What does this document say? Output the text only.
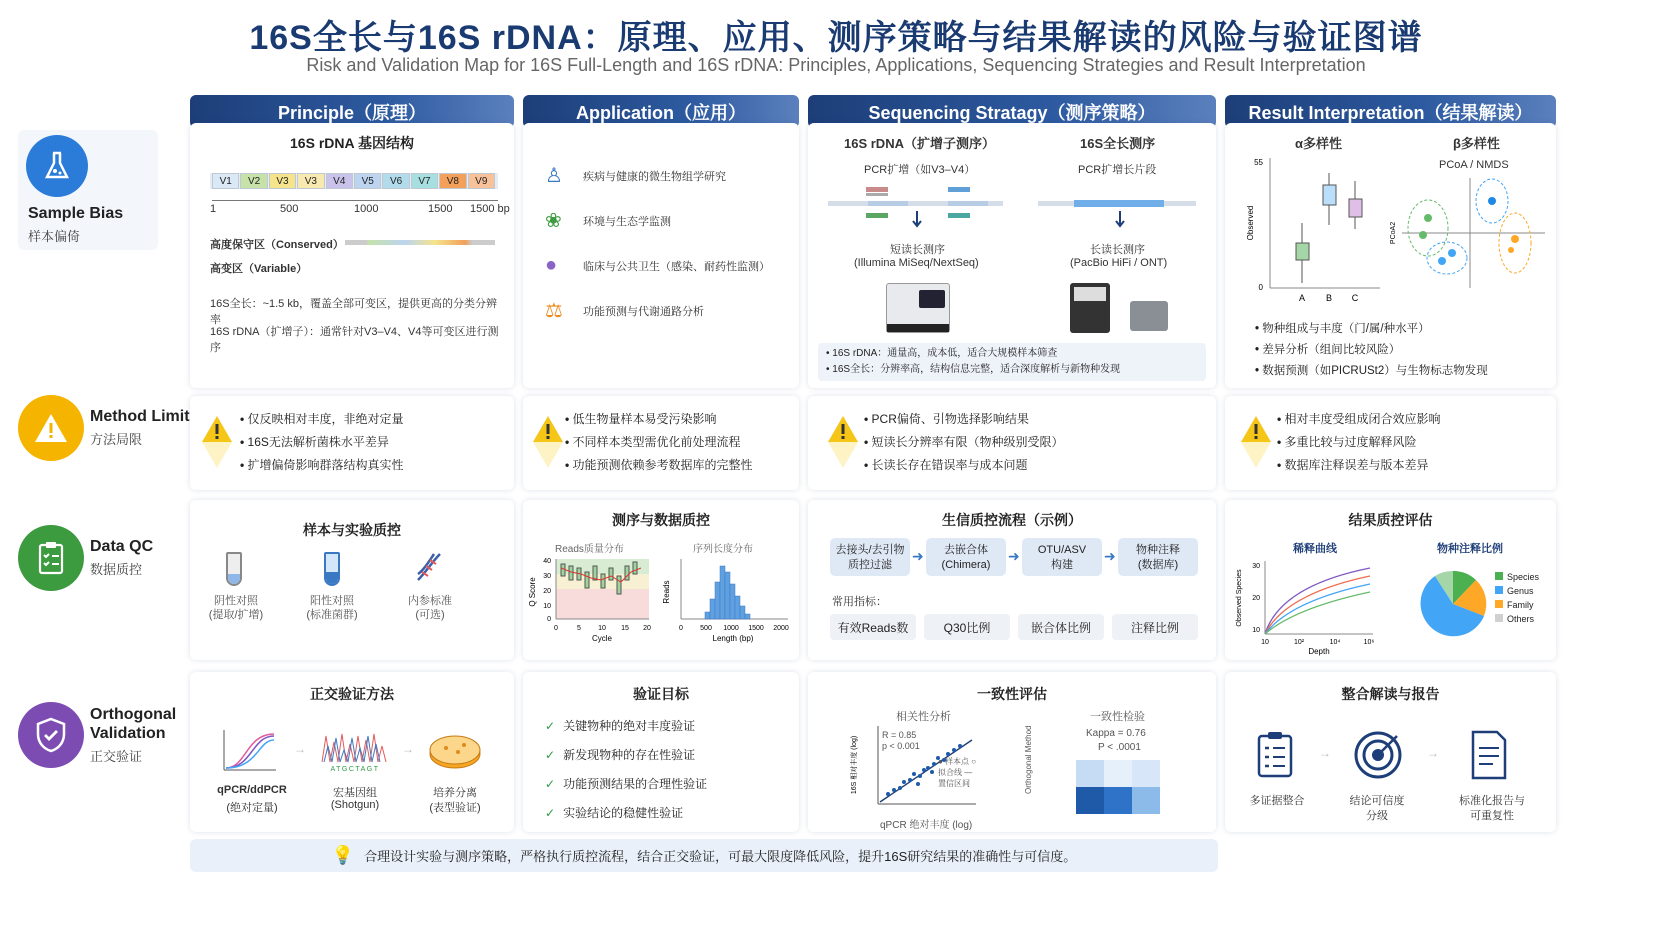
16S全长与16S rDNA：原理、应用、测序策略与结果解读的风险与验证图谱
Risk and Validation Map for 16S Full-Length and 16S rDNA: Principles, Applications, Sequencing Strategies and Result Interpretation
Principle（原理）	Application（应用）	Sequencing Stratagy（测序策略）	Result Interpretation（结果解读）
Sample Bias
样本偏倚
Method Limit
方法局限
Data QC
数据质控
Orthogonal Validation
正交验证
16S rDNA 基因结构
1	500	1000	1500 1500 bp
高度保守区（Conserved）
高变区（Variable）
16S全长：~1.5 kb，覆盖全部可变区，提供更高的分类分辨率
16S rDNA（扩增子）：通常针对V3–V4、V4等可变区进行测序
V1	V2	V3	V3	V4	V5	V6	V7	V8	V9	♙	疾病与健康的微生物组学研究
❀	环境与生态学监测
●	临床与公共卫生（感染、耐药性监测）
⚖	功能预测与代谢通路分析
16S rDNA（扩增子测序）
PCR扩增（如V3–V4）
短读长测序
(Illumina MiSeq/NextSeq)
16S全长测序
PCR扩增长片段
长读长测序
(PacBio HiFi / ONT)
• 16S rDNA：通量高，成本低，适合大规模样本筛查
• 16S全长：分辨率高，结构信息完整，适合深度解析与新物种发现
α多样性	β多样性
PCoA / NMDS
55
0
Observed
A B C
PCoA2
• 物种组成与丰度（门/属/种水平）
• 差异分析（组间比较风险）
• 数据预测（如PICRUSt2）与生物标志物发现
• 仅反映相对丰度，非绝对定量
• 16S无法解析菌株水平差异
• 扩增偏倚影响群落结构真实性
• 低生物量样本易受污染影响
• 不同样本类型需优化前处理流程
• 功能预测依赖参考数据库的完整性
• PCR偏倚、引物选择影响结果
• 短读长分辨率有限（物种级别受限）
• 长读长存在错误率与成本问题
• 相对丰度受组成闭合效应影响
• 多重比较与过度解释风险
• 数据库注释误差与版本差异
样本与实验质控
阴性对照
(提取/扩增)
阳性对照
(标准菌群)
内参标准
(可选)
测序与数据质控
Reads质量分布
Q Score
40
30
20
10
0
0	5 10 15 20
Cycle
序列长度分布
Reads
0 500 1000 1500 2000
Length (bp)
生信质控流程（示例）
去接头/去引物
质控过滤
➜	去嵌合体
(Chimera)
➜	OTU/ASV
构建
➜	物种注释
(数据库)
常用指标：
有效Reads数	Q30比例	嵌合体比例	注释比例
结果质控评估
稀释曲线
Observed Species
30
20
10
10	10²	10⁴	10⁶
Depth
物种注释比例
Species
Genus
Family
Others
正交验证方法
qPCR/ddPCR
(绝对定量)
→
ATGCTAGT
宏基因组
(Shotgun)
→
培养分离
(表型验证)
验证目标
✓ 关键物种的绝对丰度验证
✓ 新发现物种的存在性验证
✓ 功能预测结果的合理性验证
✓ 实验结论的稳健性验证
一致性评估
相关性分析
16S 相对丰度 (log)
R = 0.85
p < 0.001
● 样本点 ○ 拟合线 — 置信区间
qPCR 绝对丰度 (log)
一致性检验
Kappa = 0.76
P < .0001
Orthogonal Method
整合解读与报告
多证据整合
→
结论可信度
分级
→
标准化报告与
可重复性
💡 合理设计实验与测序策略，严格执行质控流程，结合正交验证，可最大限度降低风险，提升16S研究结果的准确性与可信度。
